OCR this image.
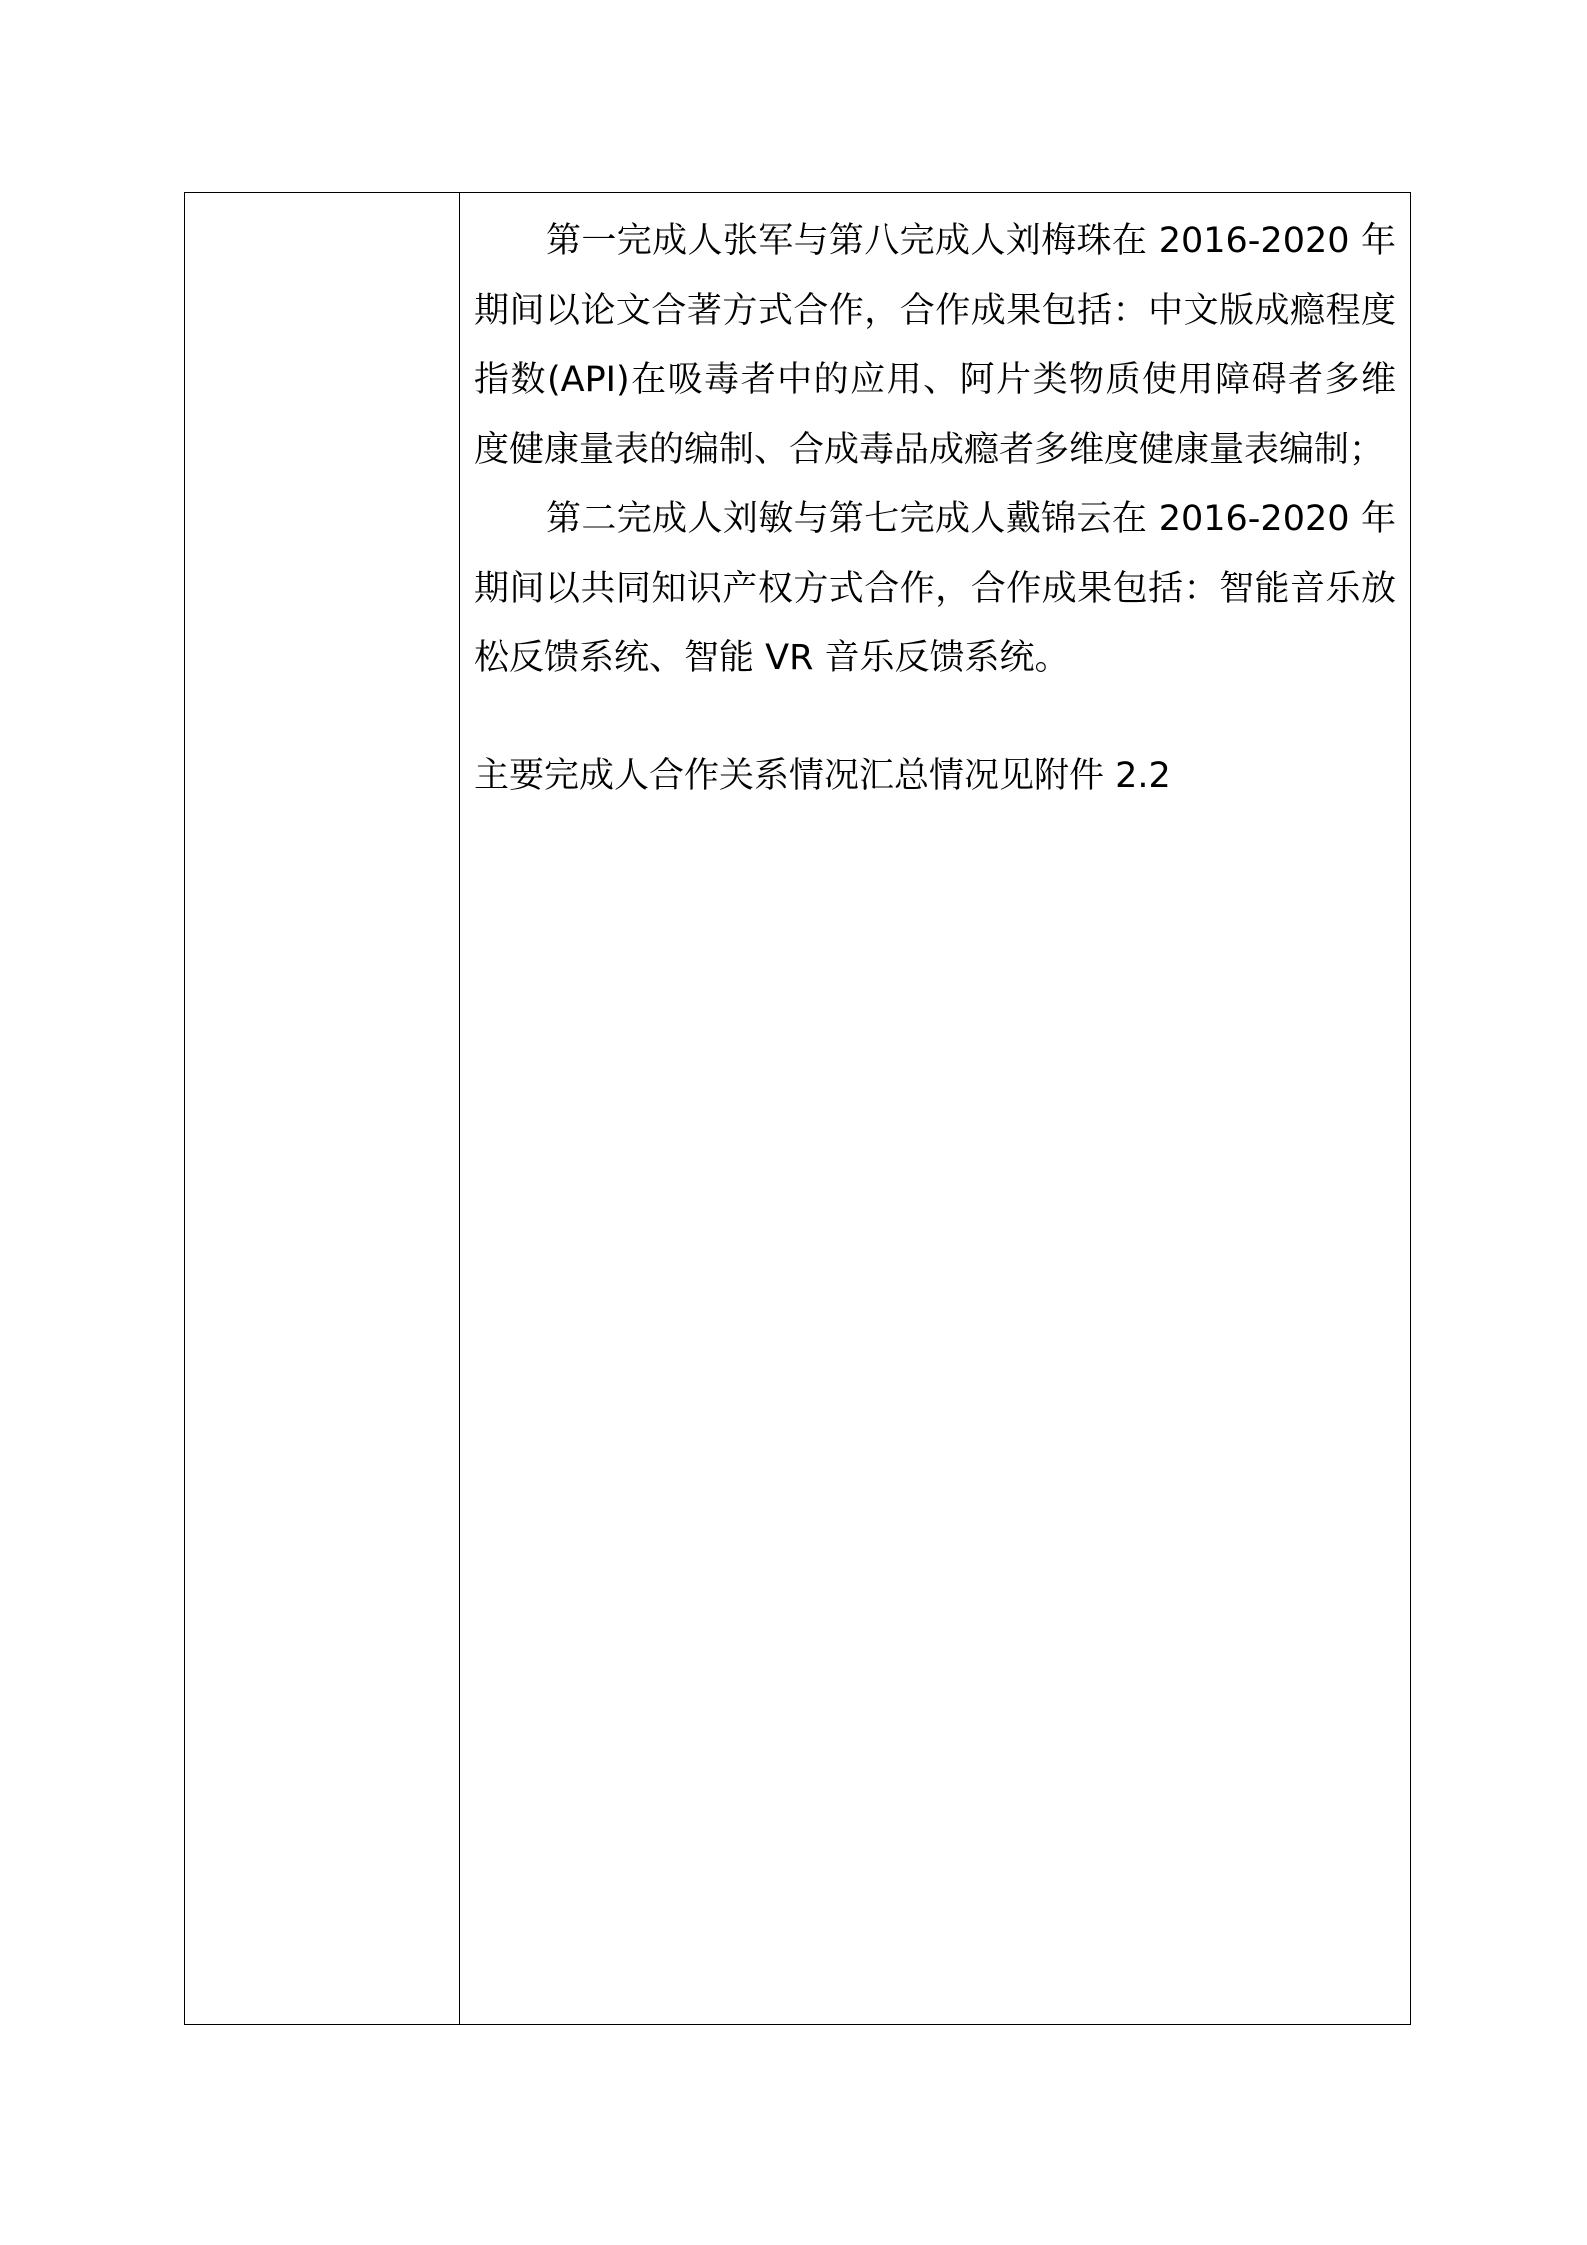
第一完成人张军与第八完成人刘梅珠在 2016-2020 年期间以论文合著方式合作，合作成果包括：中文版成瘾程度指数(API)在吸毒者中的应用、阿片类物质使用障碍者多维度健康量表的编制、合成毒品成瘾者多维度健康量表编制；

第二完成人刘敏与第七完成人戴锦云在 2016-2020 年期间以共同知识产权方式合作，合作成果包括：智能音乐放松反馈系统、智能 VR 音乐反馈系统。

主要完成人合作关系情况汇总情况见附件 2.2
